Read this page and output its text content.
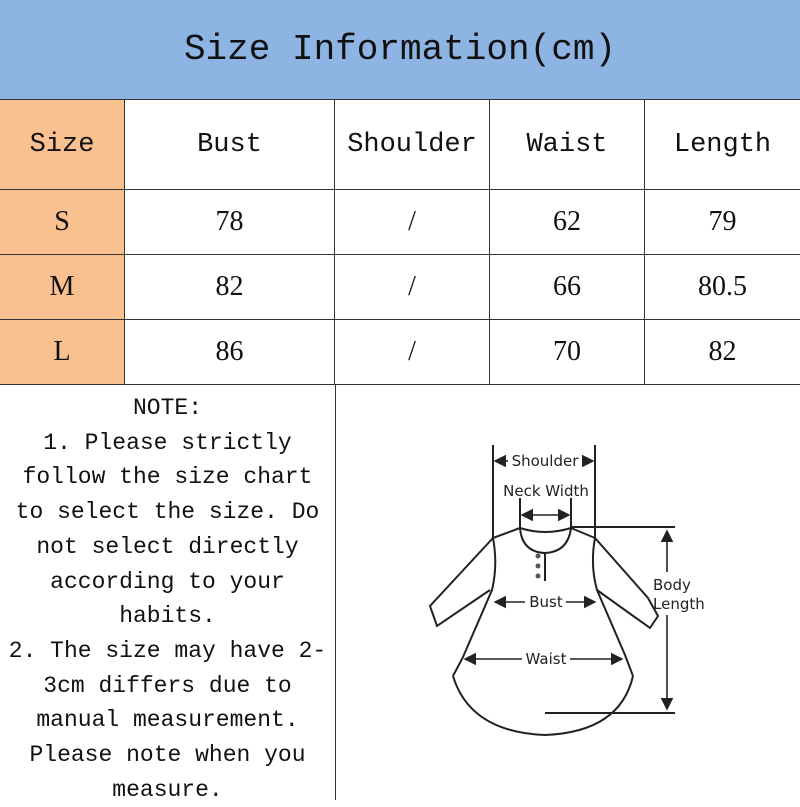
Size Information(cm)
Size	Bust	Shoulder	Waist	Length
S	78	/	62	79
M	82	/	66	80.5
L	86	/	70	82
NOTE:
1. Please strictly
follow the size chart
to select the size. Do
not select directly
according to your
habits.
2. The size may have 2-
3cm differs due to
manual measurement.
Please note when you
measure.
Shoulder
Neck Width
Bust
Waist
Body
Length
